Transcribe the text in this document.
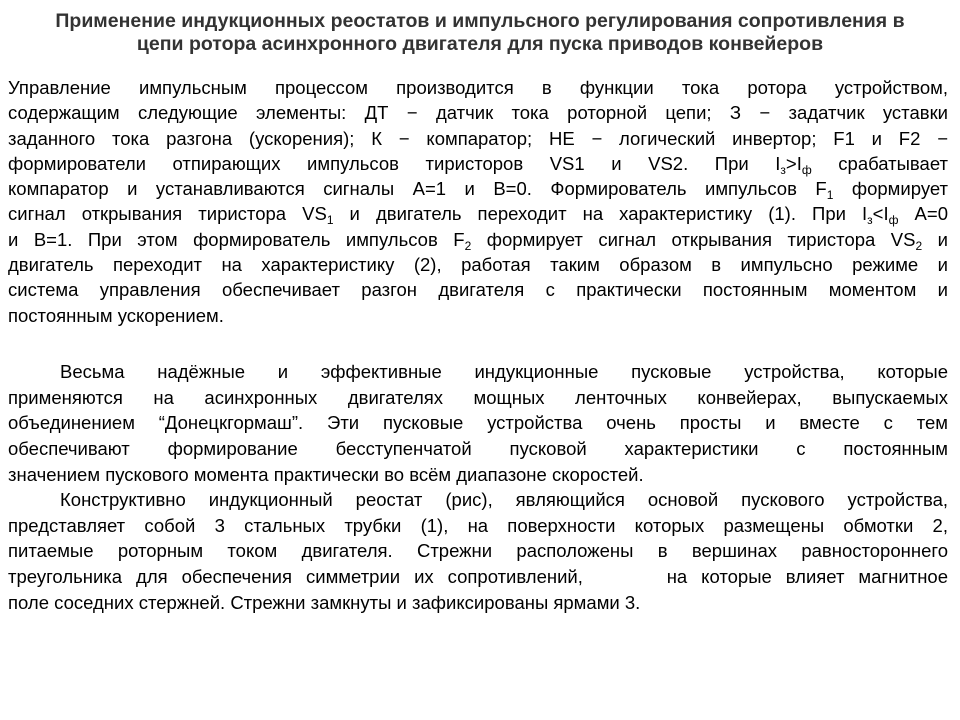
Применение индукционных реостатов и импульсного регулирования сопротивления в
цепи ротора асинхронного двигателя для пуска приводов конвейеров
Управление импульсным процессом производится в функции тока ротора устройством,
содержащим следующие элементы: ДТ − датчик тока роторной цепи; З − задатчик уставки
заданного тока разгона (ускорения); К − компаратор; НЕ − логический инвертор; F1 и F2 −
формирователи отпирающих импульсов тиристоров VS1 и VS2. При $I_з>I_ф$ срабатывает
компаратор и устанавливаются сигналы A=1 и B=0. Формирователь импульсов $F_1$ формирует
сигнал открывания тиристора $VS_1$ и двигатель переходит на характеристику (1). При $I_з<I_ф$ A=0
и B=1. При этом формирователь импульсов $F_2$ формирует сигнал открывания тиристора $VS_2$ и
двигатель переходит на характеристику (2), работая таким образом в импульсно режиме и
система управления обеспечивает разгон двигателя с практически постоянным моментом и
постоянным ускорением.
Весьма надёжные и эффективные индукционные пусковые устройства, которые
применяются на асинхронных двигателях мощных ленточных конвейерах, выпускаемых
объединением “Донецкгормаш”. Эти пусковые устройства очень просты и вместе с тем
обеспечивают формирование бесступенчатой пусковой характеристики с постоянным
значением пускового момента практически во всём диапазоне скоростей.
Конструктивно индукционный реостат (рис), являющийся основой пускового устройства,
представляет собой 3 стальных трубки (1), на поверхности которых размещены обмотки 2,
питаемые роторным током двигателя. Стрежни расположены в вершинах равностороннего
треугольника для обеспечения симметрии их сопротивлений,      на которые влияет магнитное
поле соседних стержней. Стрежни замкнуты и зафиксированы ярмами 3.
